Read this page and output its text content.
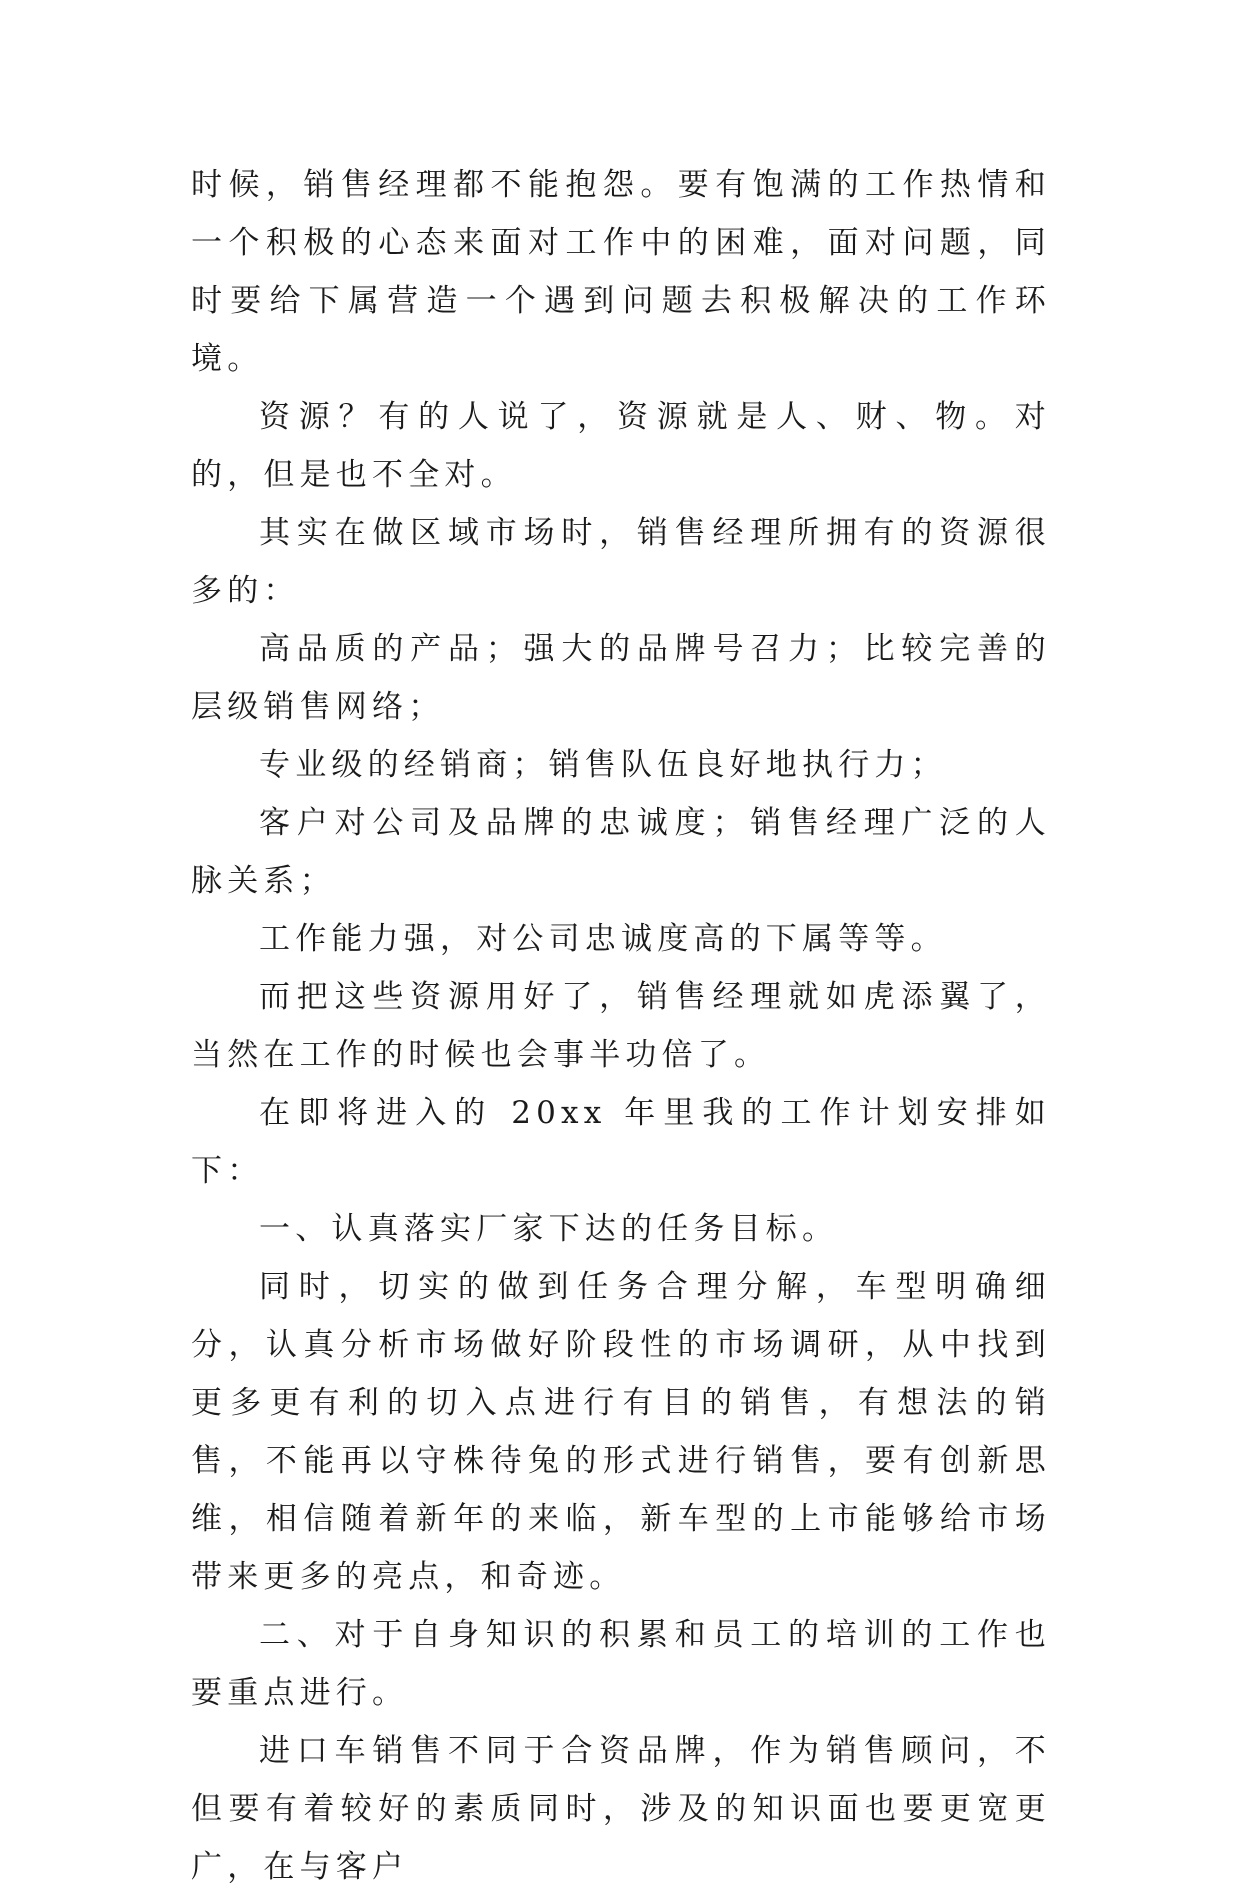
时候，销售经理都不能抱怨。要有饱满的工作热情和一个积极的心态来面对工作中的困难，面对问题，同时要给下属营造一个遇到问题去积极解决的工作环境。

资源？有的人说了，资源就是人、财、物。对的，但是也不全对。

其实在做区域市场时，销售经理所拥有的资源很多的：

高品质的产品；强大的品牌号召力；比较完善的层级销售网络；

专业级的经销商；销售队伍良好地执行力；

客户对公司及品牌的忠诚度；销售经理广泛的人脉关系；

工作能力强，对公司忠诚度高的下属等等。

而把这些资源用好了，销售经理就如虎添翼了，当然在工作的时候也会事半功倍了。

在即将进入的 20xx 年里我的工作计划安排如下：

一、认真落实厂家下达的任务目标。

同时，切实的做到任务合理分解，车型明确细分，认真分析市场做好阶段性的市场调研，从中找到更多更有利的切入点进行有目的销售，有想法的销售，不能再以守株待兔的形式进行销售，要有创新思维，相信随着新年的来临，新车型的上市能够给市场带来更多的亮点，和奇迹。

二、对于自身知识的积累和员工的培训的工作也要重点进行。

进口车销售不同于合资品牌，作为销售顾问，不但要有着较好的素质同时，涉及的知识面也要更宽更广，在与客户
